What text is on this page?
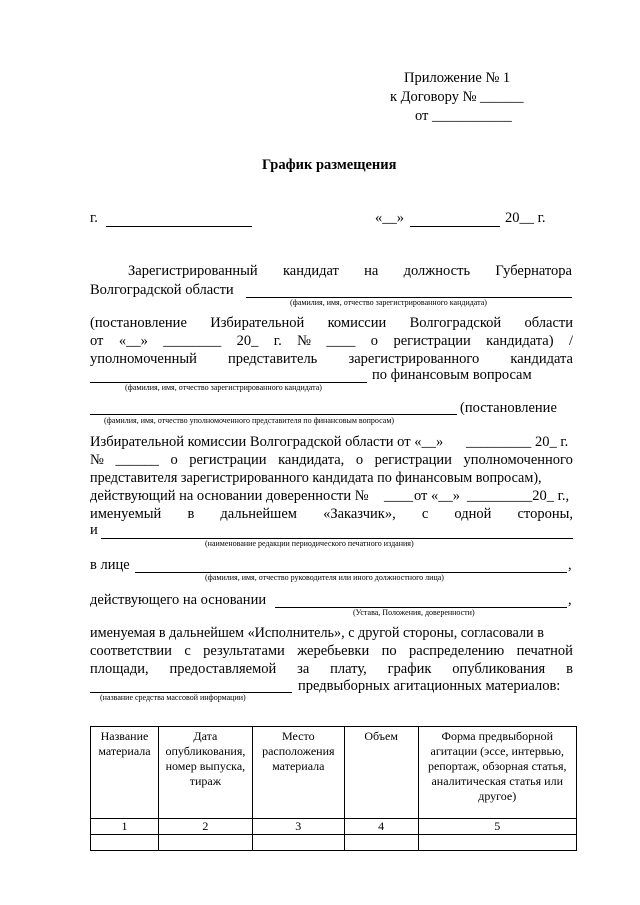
Приложение № 1
к Договору № ______
от ___________
График размещения
г.	«__»	20__ г.
Зарегистрированный кандидат на должность Губернатора
Волгоградской области
(фамилия, имя, отчество зарегистрированного кандидата)
(постановление Избирательной комиссии Волгоградской области
от «__» ________ 20_ г. № ____ о регистрации кандидата) /
уполномоченный представитель зарегистрированного кандидата
по финансовым вопросам
(фамилия, имя, отчество зарегистрированного кандидата)
(постановление
(фамилия, имя, отчество уполномоченного представителя по финансовым вопросам)
Избирательной комиссии Волгоградской области от «__» _________ 20_ г.
№ ______ о регистрации кандидата, о регистрации уполномоченного
представителя зарегистрированного кандидата по финансовым вопросам),
действующий на основании доверенности № ____ от «__» _________20_ г.,
именуемый в дальнейшем «Заказчик», с одной стороны,
и
(наименование редакции периодического печатного издания)
в лице	,
(фамилия, имя, отчество руководителя или иного должностного лица)
действующего на основании	,
(Устава, Положения, доверенности)
именуемая в дальнейшем «Исполнитель», с другой стороны, согласовали в
соответствии с результатами жеребьевки по распределению печатной
площади, предоставляемой за плату, график опубликования в
предвыборных агитационных материалов:
(название средства массовой информации)
Название материала	Дата опубликования, номер выпуска, тираж	Место расположения материала	Объем	Форма предвыборной агитации (эссе, интервью, репортаж, обзорная статья, аналитическая статья или другое)
1	2	3	4	5
